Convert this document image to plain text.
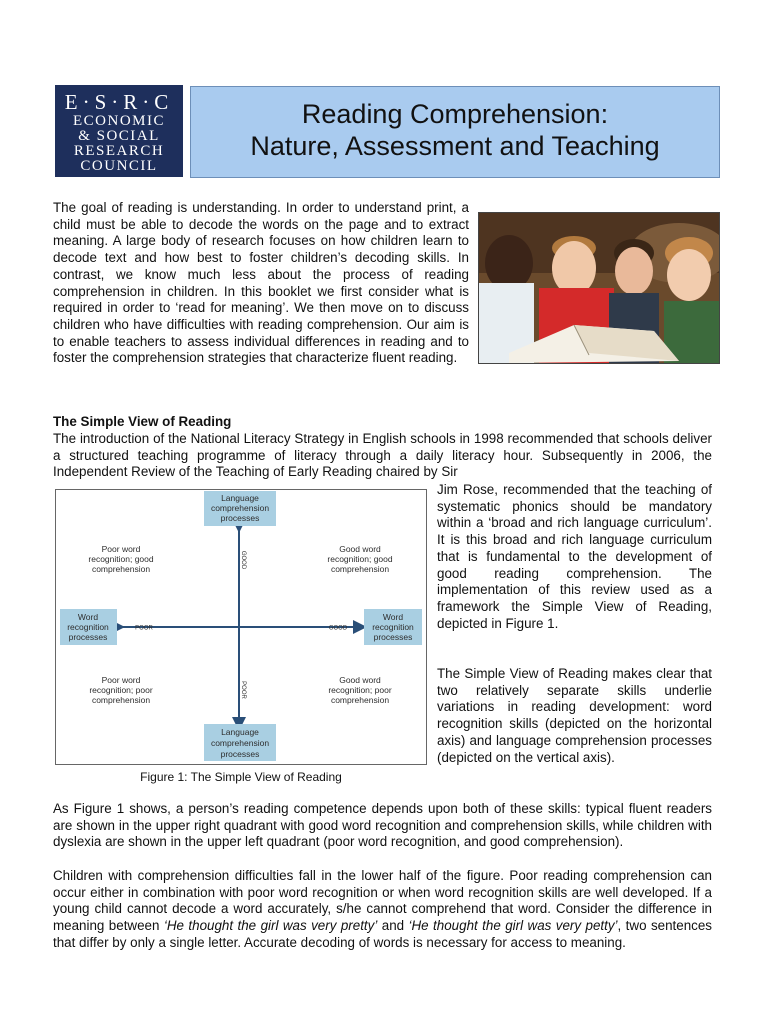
E·S·R·C
ECONOMIC
& SOCIAL
RESEARCH
COUNCIL
Reading Comprehension:
Nature, Assessment and Teaching

The goal of reading is understanding. In order to understand print, a child must be able to decode the words on the page and to extract meaning. A large body of research focuses on how children learn to decode text and how best to foster children’s decoding skills. In contrast, we know much less about the process of reading comprehension in children. In this booklet we first consider what is required in order to ‘read for meaning’. We then move on to discuss children who have difficulties with reading comprehension. Our aim is to enable teachers to assess individual differences in reading and to foster the comprehension strategies that characterize fluent reading.

The Simple View of Reading

The introduction of the National Literacy Strategy in English schools in 1998 recommended that schools deliver a structured teaching programme of literacy through a daily literacy hour. Subsequently in 2006, the Independent Review of the Teaching of Early Reading chaired by Sir

Language
comprehension
processes
Language
comprehension
processes
Word
recognition
processes
Word
recognition
processes
GOOD
POOR
POOR	GOOD
Poor word
recognition; good
comprehension
Good word
recognition; good
comprehension
Poor word
recognition; poor
comprehension
Good word
recognition; poor
comprehension
Figure 1: The Simple View of Reading

Jim Rose, recommended that the teaching of systematic phonics should be mandatory within a ‘broad and rich language curriculum’. It is this broad and rich language curriculum that is fundamental to the development of good reading comprehension. The implementation of this review used as a framework the Simple View of Reading, depicted in Figure 1.

The Simple View of Reading makes clear that two relatively separate skills underlie variations in reading development: word recognition skills (depicted on the horizontal axis) and language comprehension processes (depicted on the vertical axis).

As Figure 1 shows, a person’s reading competence depends upon both of these skills: typical fluent readers are shown in the upper right quadrant with good word recognition and comprehension skills, while children with dyslexia are shown in the upper left quadrant (poor word recognition, and good comprehension).

Children with comprehension difficulties fall in the lower half of the figure. Poor reading comprehension can occur either in combination with poor word recognition or when word recognition skills are well developed. If a young child cannot decode a word accurately, s/he cannot comprehend that word. Consider the difference in meaning between ‘He thought the girl was very pretty’ and ‘He thought the girl was very petty’, two sentences that differ by only a single letter. Accurate decoding of words is necessary for access to meaning.
